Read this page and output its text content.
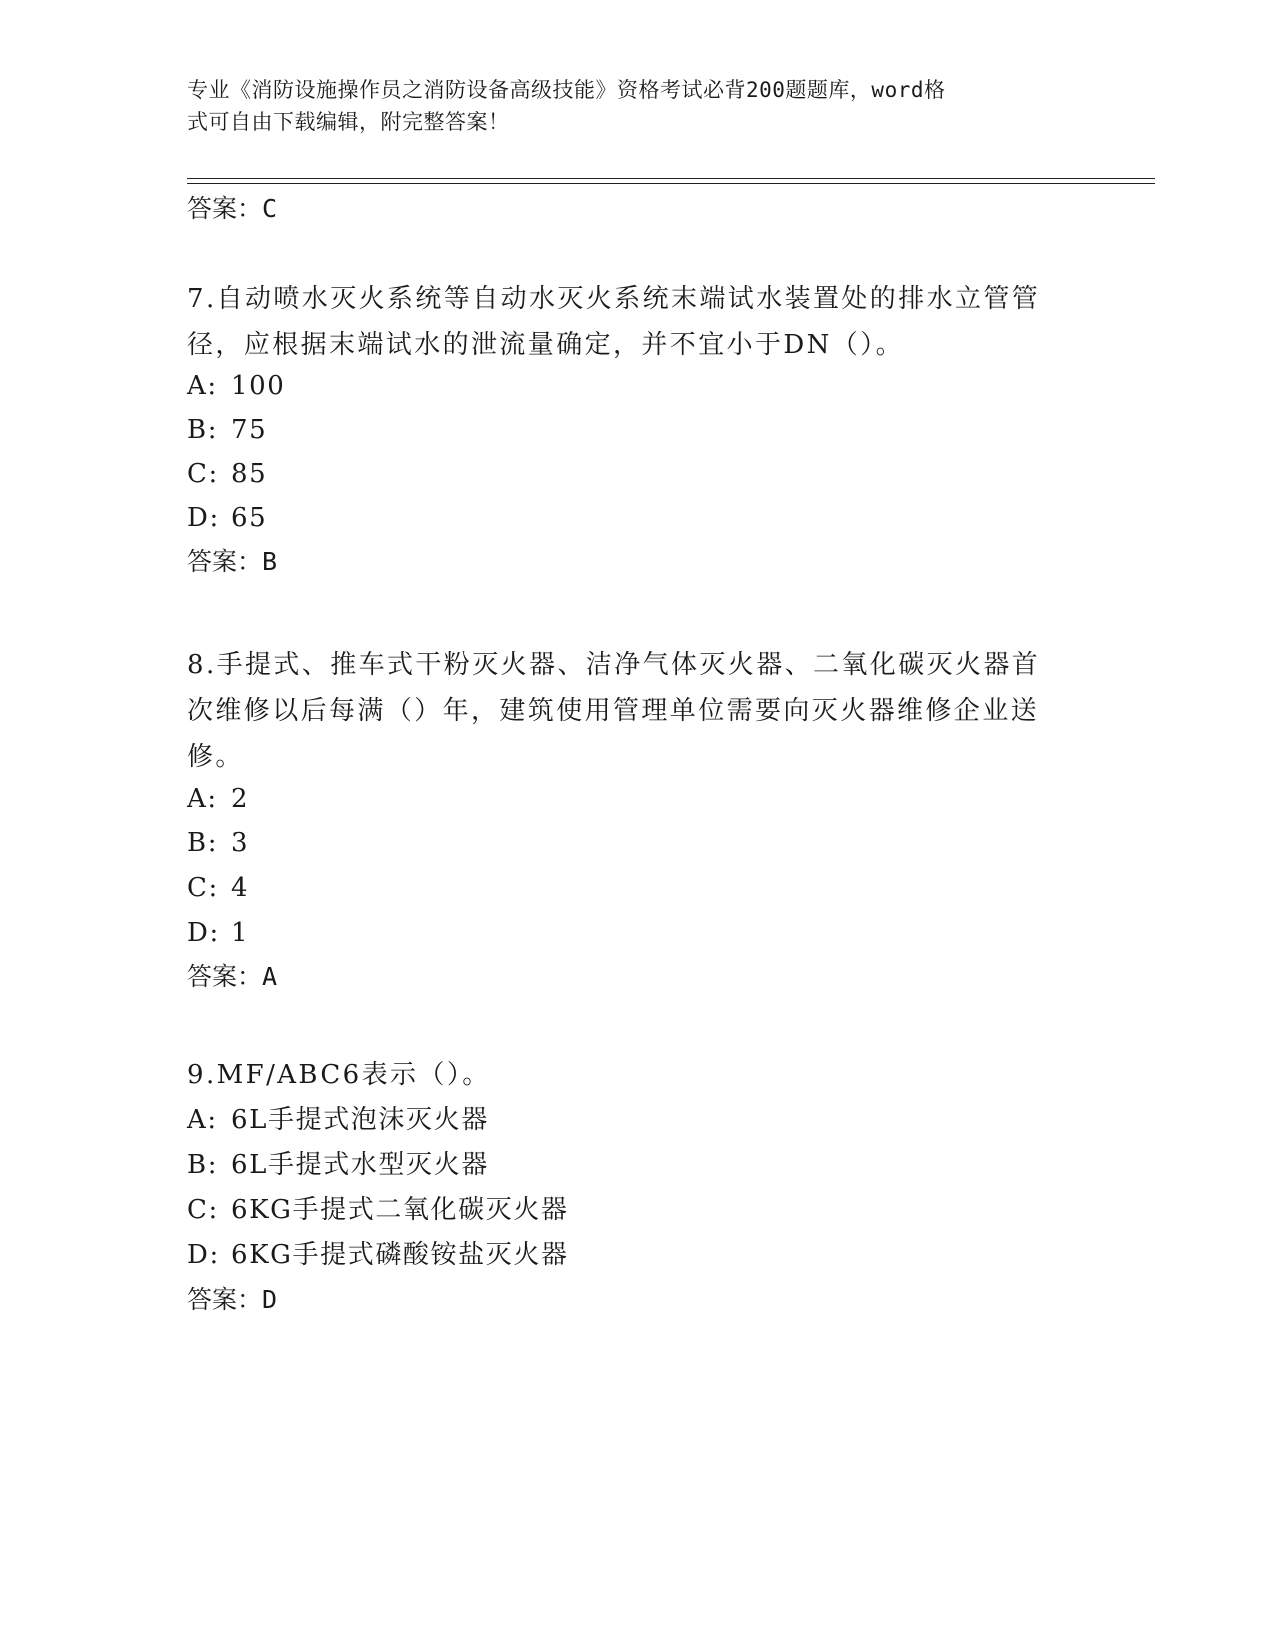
专业《消防设施操作员之消防设备高级技能》资格考试必背200题题库，word格
式可自由下载编辑，附完整答案！
答案：C
7.自动喷水灭火系统等自动水灭火系统末端试水装置处的排水立管管
径，应根据末端试水的泄流量确定，并不宜小于DN（）。
A: 100
B: 75
C: 85
D: 65
答案：B
8.手提式、推车式干粉灭火器、洁净气体灭火器、二氧化碳灭火器首
次维修以后每满（）年，建筑使用管理单位需要向灭火器维修企业送
修。
A: 2
B: 3
C: 4
D: 1
答案：A
9.MF/ABC6表示（）。
A: 6L手提式泡沫灭火器
B: 6L手提式水型灭火器
C: 6KG手提式二氧化碳灭火器
D: 6KG手提式磷酸铵盐灭火器
答案：D
